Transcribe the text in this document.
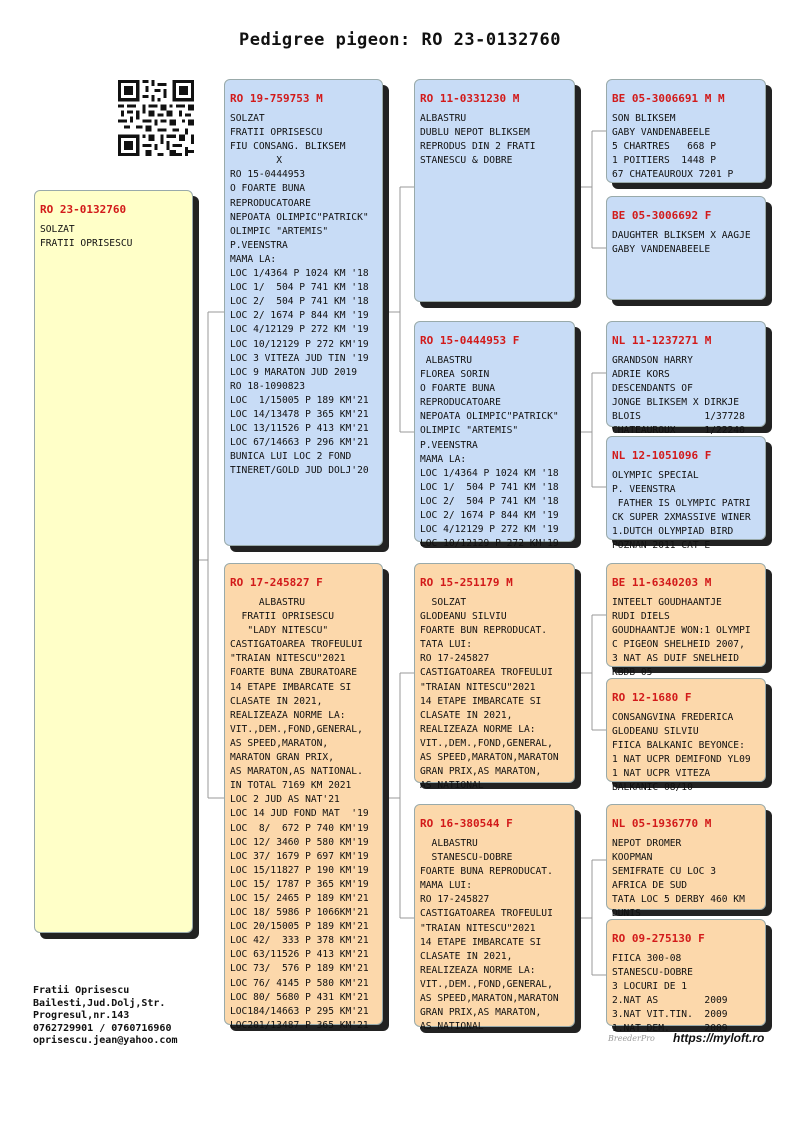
Pedigree pigeon: RO 23-0132760
RO 23-0132760
SOLZAT
FRATII OPRISESCU
RO 19-759753 M
SOLZAT
FRATII OPRISESCU
FIU CONSANG. BLIKSEM
X
RO 15-0444953
O FOARTE BUNA
REPRODUCATOARE
NEPOATA OLIMPIC"PATRICK"
OLIMPIC "ARTEMIS"
P.VEENSTRA
MAMA LA:
LOC 1/4364 P 1024 KM '18
LOC 1/  504 P 741 KM '18
LOC 2/  504 P 741 KM '18
LOC 2/ 1674 P 844 KM '19
LOC 4/12129 P 272 KM '19
LOC 10/12129 P 272 KM'19
LOC 3 VITEZA JUD TIN '19
LOC 9 MARATON JUD 2019
RO 18-1090823
LOC  1/15005 P 189 KM'21
LOC 14/13478 P 365 KM'21
LOC 13/11526 P 413 KM'21
LOC 67/14663 P 296 KM'21
BUNICA LUI LOC 2 FOND
TINERET/GOLD JUD DOLJ'20
RO 17-245827 F
ALBASTRU
FRATII OPRISESCU
"LADY NITESCU"
CASTIGATOAREA TROFEULUI
"TRAIAN NITESCU"2021
FOARTE BUNA ZBURATOARE
14 ETAPE IMBARCATE SI
CLASATE IN 2021,
REALIZEAZA NORME LA:
VIT.,DEM.,FOND,GENERAL,
AS SPEED,MARATON,
MARATON GRAN PRIX,
AS MARATON,AS NATIONAL.
IN TOTAL 7169 KM 2021
LOC 2 JUD AS NAT'21
LOC 14 JUD FOND MAT  '19
LOC  8/  672 P 740 KM'19
LOC 12/ 3460 P 580 KM'19
LOC 37/ 1679 P 697 KM'19
LOC 15/11827 P 190 KM'19
LOC 15/ 1787 P 365 KM'19
LOC 15/ 2465 P 189 KM'21
LOC 18/ 5986 P 1066KM'21
LOC 20/15005 P 189 KM'21
LOC 42/  333 P 378 KM'21
LOC 63/11526 P 413 KM'21
LOC 73/  576 P 189 KM'21
LOC 76/ 4145 P 580 KM'21
LOC 80/ 5680 P 431 KM'21
LOC184/14663 P 295 KM'21
LOC201/13487 P 365 KM'21
RO 11-0331230 M
ALBASTRU
DUBLU NEPOT BLIKSEM
REPRODUS DIN 2 FRATI
STANESCU & DOBRE
RO 15-0444953 F
ALBASTRU
FLOREA SORIN
O FOARTE BUNA
REPRODUCATOARE
NEPOATA OLIMPIC"PATRICK"
OLIMPIC "ARTEMIS"
P.VEENSTRA
MAMA LA:
LOC 1/4364 P 1024 KM '18
LOC 1/  504 P 741 KM '18
LOC 2/  504 P 741 KM '18
LOC 2/ 1674 P 844 KM '19
LOC 4/12129 P 272 KM '19
LOC 10/12129 P 272 KM'19
RO 15-251179 M
SOLZAT
GLODEANU SILVIU
FOARTE BUN REPRODUCAT.
TATA LUI:
RO 17-245827
CASTIGATOAREA TROFEULUI
"TRAIAN NITESCU"2021
14 ETAPE IMBARCATE SI
CLASATE IN 2021,
REALIZEAZA NORME LA:
VIT.,DEM.,FOND,GENERAL,
AS SPEED,MARATON,MARATON
GRAN PRIX,AS MARATON,
AS NATIONAL
RO 16-380544 F
ALBASTRU
STANESCU-DOBRE
FOARTE BUNA REPRODUCAT.
MAMA LUI:
RO 17-245827
CASTIGATOAREA TROFEULUI
"TRAIAN NITESCU"2021
14 ETAPE IMBARCATE SI
CLASATE IN 2021,
REALIZEAZA NORME LA:
VIT.,DEM.,FOND,GENERAL,
AS SPEED,MARATON,MARATON
GRAN PRIX,AS MARATON,
AS NATIONAL
BE 05-3006691 M M
SON BLIKSEM
GABY VANDENABEELE
5 CHARTRES   668 P
1 POITIERS  1448 P
67 CHATEAUROUX 7201 P
BE 05-3006692 F
DAUGHTER BLIKSEM X AAGJE
GABY VANDENABEELE
NL 11-1237271 M
GRANDSON HARRY
ADRIE KORS
DESCENDANTS OF
JONGE BLIKSEM X DIRKJE
BLOIS           1/37728
CHATEAUROUX     1/22240
NL 12-1051096 F
OLYMPIC SPECIAL
P. VEENSTRA
FATHER IS OLYMPIC PATRI
CK SUPER 2XMASSIVE WINER
1.DUTCH OLYMPIAD BIRD
POZNAN 2011 CAT E
BE 11-6340203 M
INTEELT GOUDHAANTJE
RUDI DIELS
GOUDHAANTJE WON:1 OLYMPI
C PIGEON SHELHEID 2007,
3 NAT AS DUIF SNELHEID
KBDB 05
RO 12-1680 F
CONSANGVINA FREDERICA
GLODEANU SILVIU
FIICA BALKANIC BEYONCE:
1 NAT UCPR DEMIFOND YL09
1 NAT UCPR VITEZA
BALKANIC 08/10
NL 05-1936770 M
NEPOT DROMER
KOOPMAN
SEMIFRATE CU LOC 3
AFRICA DE SUD
TATA LOC 5 DERBY 460 KM
DUNIS
RO 09-275130 F
FIICA 300-08
STANESCU-DOBRE
3 LOCURI DE 1
2.NAT AS        2009
3.NAT VIT.TIN.  2009
1.NAT DEM.      2009
Fratii Oprisescu
Bailesti,Jud.Dolj,Str.
Progresul,nr.143
0762729901 / 0760716960
oprisescu.jean@yahoo.com	BreederPro https://myloft.ro
